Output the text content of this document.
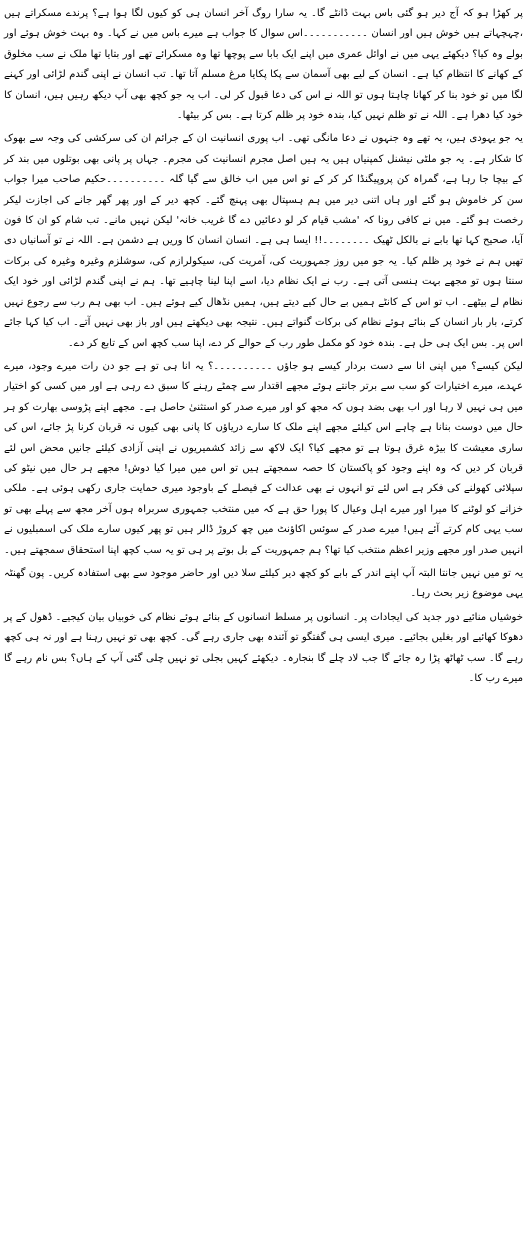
پر کھڑا ہو کہ آج دیر ہو گئی باس بہت ڈانٹے گا۔ یہ سارا روگ آخر انسان ہی کو کیوں لگا ہوا ہے؟ پرندے مسکراتے ہیں ،چہچہاتے ہیں خوش ہیں اور انسان ۔۔۔۔۔۔۔۔۔۔۔اس سوال کا جواب ہے میرے باس میں نے کہا۔ وہ بہت خوش ہوئے اور بولے وہ کیا؟ دیکھئے یہی میں نے اوائل عمری میں اپنے ایک بابا سے پوچھا تھا وہ مسکرائے تھے اور بتایا تھا ملک نے سب مخلوق کے کھانے کا انتظام کیا ہے۔ انسان کے لیے بھی آسمان سے پکا پکایا مرغ مسلم آتا تھا۔ تب انسان نے اپنی گندم لڑائی اور کہنے لگا میں تو خود بنا کر کھانا چاہتا ہوں تو اللہ نے اس کی دعا قبول کر لی۔ اب یہ جو کچھ بھی آپ دیکھ رہیں ہیں، انسان کا خود کیا دھرا ہے۔ اللہ نے تو ظلم نہیں کیا، بندہ خود پر ظلم کرتا ہے۔ بس کر بیٹھا۔

یہ جو یہودی ہیں، یہ تھے وہ جنہوں نے دعا مانگی تھی۔ اب پوری انسانیت ان کے جرائم ان کی سرکشی کی وجہ سے بھوک کا شکار ہے۔ یہ جو ملٹی نیشنل کمپنیاں ہیں یہ ہیں اصل مجرم انسانیت کی مجرم۔ جہاں پر پانی بھی بوتلوں میں بند کر کے بیچا جا رہا ہے، گمراہ کن پروپیگنڈا کر کر کے تو اس میں اب خالق سے گیا گلہ ۔۔۔۔۔۔۔۔۔۔حکیم صاحب میرا جواب سن کر خاموش ہو گئے اور ہاں اتنی دیر میں ہم ہسپتال بھی پہنچ گئے۔ کچھ دیر کے اور پھر گھر جانے کی اجازت لیکر رخصت ہو گئے۔ میں نے کافی رونا کہ 'مشب قیام کر لو دعائیں دے گا غریب خانہ' لیکن نہیں مانے۔ تب شام کو ان کا فون آیا، صحیح کہا تھا بابے نے بالکل ٹھیک ۔۔۔۔۔۔۔۔!! ایسا ہی ہے۔ انسان انسان کا وریں ہے دشمن ہے۔ اللہ نے تو آسانیاں دی تھیں ہم نے خود پر ظلم کیا۔ یہ جو میں روز جمہوریت کی، آمریت کی، سیکولرازم کی، سوشلزم وغیرہ وغیرہ کی برکات سنتا ہوں تو مجھے بہت ہنسی آتی ہے۔ رب نے ایک نظام دیا، اسے اپنا لینا چاہیے تھا۔ ہم نے اپنی گندم لڑائی اور خود ایک نظام لے بیٹھے۔ اب تو اس کے کانٹے ہمیں بے حال کیے دیتے ہیں، ہمیں نڈھال کیے ہوئے ہیں۔ اب بھی ہم رب سے رجوع نہیں کرتے، بار بار انسان کے بنائے ہوئے نظام کی برکات گنواتے ہیں۔ نتیجہ بھی دیکھتے ہیں اور باز بھی نہیں آتے۔ اب کیا کہا جائے اس پر۔ بس ایک ہی حل ہے۔ بندہ خود کو مکمل طور رب کے حوالے کر دے، اپنا سب کچھ اس کے تابع کر دے۔

لیکن کیسے؟ میں اپنی انا سے دست بردار کیسے ہو جاؤں ۔۔۔۔۔۔۔۔۔۔؟ یہ انا ہی تو ہے جو دن رات میرے وجود، میرے عہدے، میرے اختیارات کو سب سے برتر جانتے ہوئے مجھے اقتدار سے چمٹے رہنے کا سبق دے رہی ہے اور میں کسی کو اختیار میں ہی نہیں لا رہا اور اب بھی بضد ہوں کہ مجھ کو اور میرے صدر کو استثنیٰ حاصل ہے۔ مجھے اپنے پڑوسی بھارت کو ہر حال میں دوست بنانا ہے چاہے اس کیلئے مجھے اپنے ملک کا سارے دریاؤں کا پانی بھی کیوں نہ قربان کرنا پڑ جائے، اس کی ساری معیشت کا بیڑہ غرق ہوتا ہے تو مجھے کیا؟ ایک لاکھ سے زائد کشمیریوں نے اپنی آزادی کیلئے جانیں محض اس لئے قربان کر دیں کہ وہ اپنے وجود کو پاکستان کا حصہ سمجھتے ہیں تو اس میں میرا کیا دوش! مجھے ہر حال میں نیٹو کی سپلائی کھولنے کی فکر ہے اس لئے تو انہوں نے بھی عدالت کے فیصلے کے باوجود میری حمایت جاری رکھی ہوئی ہے۔ ملکی خزانے کو لوٹنے کا میرا اور میرے اہل وعیال کا پورا حق ہے کہ میں منتخب جمہوری سربراہ ہوں آخر مجھ سے پہلے بھی تو سب یہی کام کرتے آئے ہیں! میرے صدر کے سوئس اکاؤنٹ میں چھ کروڑ ڈالر ہیں تو پھر کیوں سارے ملک کی اسمبلیوں نے انہیں صدر اور مجھے وزیر اعظم منتخب کیا تھا؟ ہم جمہوریت کے بل بوتے پر ہی تو یہ سب کچھ اپنا استحقاق سمجھتے ہیں۔

یہ تو میں نہیں جانتا البتہ آپ اپنے اندر کے بابے کو کچھ دیر کیلئے سلا دیں اور حاضر موجود سے بھی استفادہ کریں۔ پون گھنٹہ یہی موضوع زیر بحث رہا۔

خوشیاں منائیے دور جدید کی ایجادات پر۔ انسانوں پر مسلط انسانوں کے بنائے ہوئے نظام کی خوبیاں بیان کیجیے۔ ڈھول کے پر دھوکا کھائیے اور بغلیں بجائیے۔ میری ایسی ہی گفتگو تو آئندہ بھی جاری رہے گی۔ کچھ بھی تو نہیں رہنا ہے اور نہ ہی کچھ رہے گا۔ سب ٹھاٹھ پڑا رہ جائے گا جب لاد چلے گا بنجارہ۔ دیکھئے کہیں بجلی تو نہیں چلی گئی آپ کے ہاں؟ بس نام رہے گا میرے رب کا۔
